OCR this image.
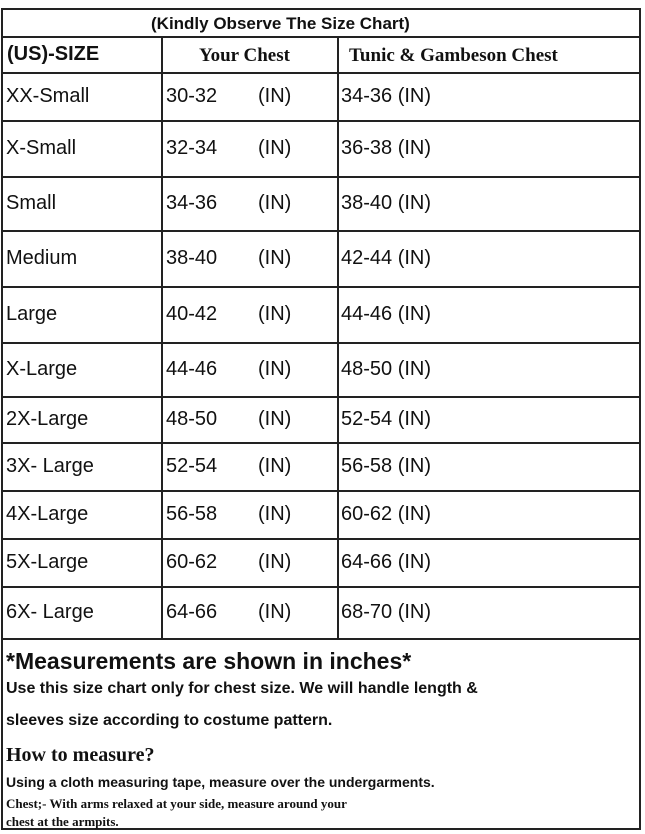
(Kindly Observe The Size Chart)
(US)-SIZE	Your Chest	Tunic & Gambeson Chest
XX-Small	30-32 (IN) 34-36 (IN)
X-Small	32-34 (IN) 36-38 (IN)
Small	34-36 (IN) 38-40 (IN)
Medium	38-40 (IN) 42-44 (IN)
Large	40-42 (IN) 44-46 (IN)
X-Large	44-46 (IN) 48-50 (IN)
2X-Large	48-50 (IN) 52-54 (IN)
3X- Large	52-54 (IN) 56-58 (IN)
4X-Large	56-58 (IN) 60-62 (IN)
5X-Large	60-62 (IN) 64-66 (IN)
6X- Large	64-66 (IN) 68-70 (IN)
*Measurements are shown in inches*
Use this size chart only for chest size. We will handle length &
sleeves size according to costume pattern.
How to measure?
Using a cloth measuring tape, measure over the undergarments.
Chest;- With arms relaxed at your side, measure around your
chest at the armpits.
